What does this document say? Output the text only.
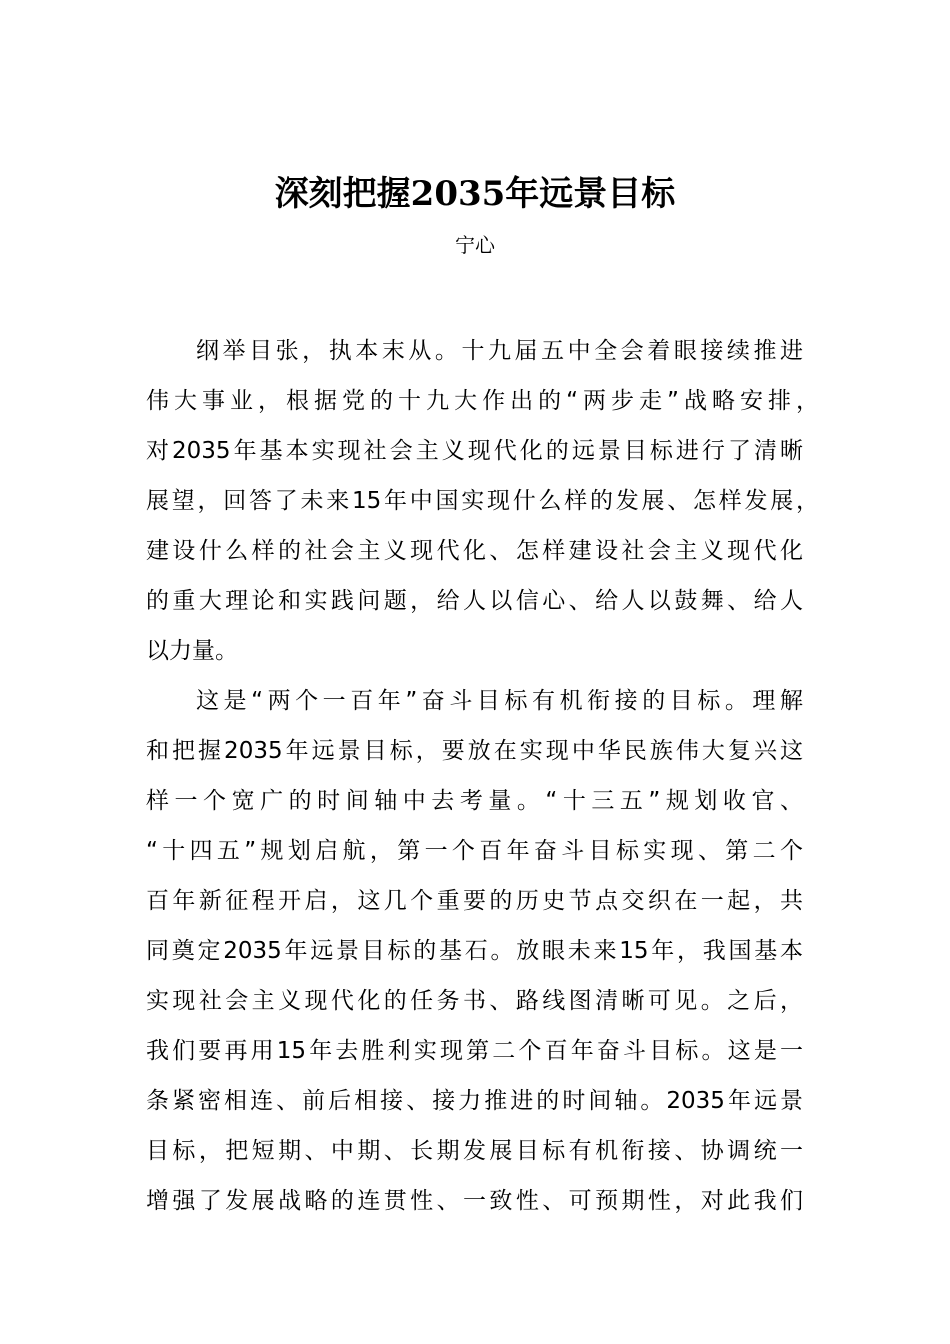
深刻把握2035年远景目标
宁心
纲举目张，执本末从。十九届五中全会着眼接续推进
伟大事业，根据党的十九大作出的“两步走”战略安排，
对2035年基本实现社会主义现代化的远景目标进行了清晰
展望，回答了未来15年中国实现什么样的发展、怎样发展，
建设什么样的社会主义现代化、怎样建设社会主义现代化
的重大理论和实践问题，给人以信心、给人以鼓舞、给人
以力量。
这是“两个一百年”奋斗目标有机衔接的目标。理解
和把握2035年远景目标，要放在实现中华民族伟大复兴这
样一个宽广的时间轴中去考量。“十三五”规划收官、
“十四五”规划启航，第一个百年奋斗目标实现、第二个
百年新征程开启，这几个重要的历史节点交织在一起，共
同奠定2035年远景目标的基石。放眼未来15年，我国基本
实现社会主义现代化的任务书、路线图清晰可见。之后，
我们要再用15年去胜利实现第二个百年奋斗目标。这是一
条紧密相连、前后相接、接力推进的时间轴。2035年远景
目标，把短期、中期、长期发展目标有机衔接、协调统一
增强了发展战略的连贯性、一致性、可预期性，对此我们
